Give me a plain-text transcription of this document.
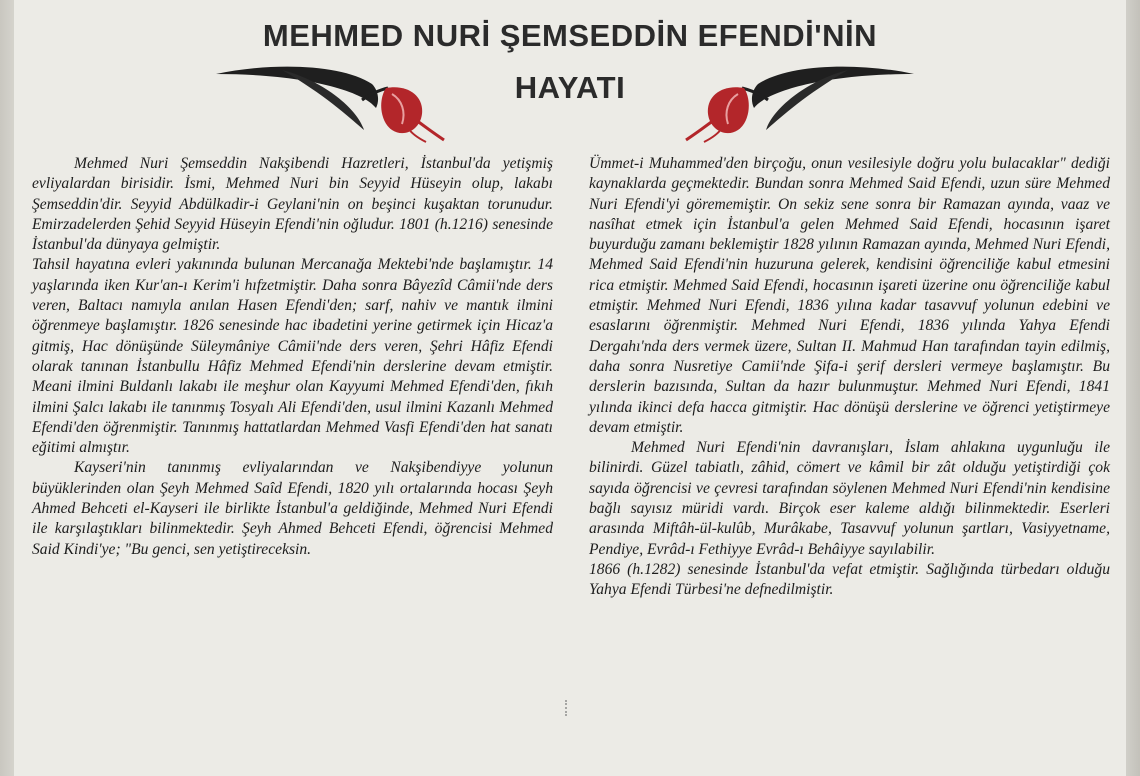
MEHMED NURİ ŞEMSEDDİN EFENDİ'NİN
HAYATI

Mehmed Nuri Şemseddin Nakşibendi Hazretleri, İstanbul'da yetişmiş evliyalardan birisidir. İsmi, Mehmed Nuri bin Seyyid Hüseyin olup, lakabı Şemseddin'dir. Seyyid Abdülkadir-i Geylani'nin on beşinci kuşaktan torunudur. Emirzadelerden Şehid Seyyid Hüseyin Efendi'nin oğludur. 1801 (h.1216) senesinde İstanbul'da dünyaya gelmiştir.

Tahsil hayatına evleri yakınında bulunan Mercanağa Mektebi'nde başlamıştır. 14 yaşlarında iken Kur'an-ı Kerim'i hıfzetmiştir. Daha sonra Bâyezîd Câmii'nde ders veren, Baltacı namıyla anılan Hasen Efendi'den; sarf, nahiv ve mantık ilmini öğrenmeye başlamıştır. 1826 senesinde hac ibadetini yerine getirmek için Hicaz'a gitmiş, Hac dönüşünde Süleymâniye Câmii'nde ders veren, Şehri Hâfiz Efendi olarak tanınan İstanbullu Hâfiz Mehmed Efendi'nin derslerine devam etmiştir. Meani ilmini Buldanlı lakabı ile meşhur olan Kayyumi Mehmed Efendi'den, fıkıh ilmini Şalcı lakabı ile tanınmış Tosyalı Ali Efendi'den, usul ilmini Kazanlı Mehmed Efendi'den öğrenmiştir. Tanınmış hattatlardan Mehmed Vasfi Efendi'den hat sanatı eğitimi almıştır.

Kayseri'nin tanınmış evliyalarından ve Nakşibendiyye yolunun büyüklerinden olan Şeyh Mehmed Saîd Efendi, 1820 yılı ortalarında hocası Şeyh Ahmed Behceti el-Kayseri ile birlikte İstanbul'a geldiğinde, Mehmed Nuri Efendi ile karşılaştıkları bilinmektedir. Şeyh Ahmed Behceti Efendi, öğrencisi Mehmed Said Kindi'ye; "Bu genci, sen yetiştireceksin.

Ümmet-i Muhammed'den birçoğu, onun vesilesiyle doğru yolu bulacaklar" dediği kaynaklarda geçmektedir. Bundan sonra Mehmed Said Efendi, uzun süre Mehmed Nuri Efendi'yi görememiştir. On sekiz sene sonra bir Ramazan ayında, vaaz ve nasîhat etmek için İstanbul'a gelen Mehmed Said Efendi, hocasının işaret buyurduğu zamanı beklemiştir 1828 yılının Ramazan ayında, Mehmed Nuri Efendi, Mehmed Said Efendi'nin huzuruna gelerek, kendisini öğrenciliğe kabul etmesini rica etmiştir. Mehmed Said Efendi, hocasının işareti üzerine onu öğrenciliğe kabul etmiştir. Mehmed Nuri Efendi, 1836 yılına kadar tasavvuf yolunun edebini ve esaslarını öğrenmiştir. Mehmed Nuri Efendi, 1836 yılında Yahya Efendi Dergahı'nda ders vermek üzere, Sultan II. Mahmud Han tarafından tayin edilmiş, daha sonra Nusretiye Camii'nde Şifa-i şerif dersleri vermeye başlamıştır. Bu derslerin bazısında, Sultan da hazır bulunmuştur. Mehmed Nuri Efendi, 1841 yılında ikinci defa hacca gitmiştir. Hac dönüşü derslerine ve öğrenci yetiştirmeye devam etmiştir.

Mehmed Nuri Efendi'nin davranışları, İslam ahlakına uygunluğu ile bilinirdi. Güzel tabiatlı, zâhid, cömert ve kâmil bir zât olduğu yetiştirdiği çok sayıda öğrencisi ve çevresi tarafından söylenen Mehmed Nuri Efendi'nin kendisine bağlı sayısız müridi vardı. Birçok eser kaleme aldığı bilinmektedir. Eserleri arasında Miftâh-ül-kulûb, Murâkabe, Tasavvuf yolunun şartları, Vasiyyetname, Pendiye, Evrâd-ı Fethiyye Evrâd-ı Behâiyye sayılabilir.

1866 (h.1282) senesinde İstanbul'da vefat etmiştir. Sağlığında türbedarı olduğu Yahya Efendi Türbesi'ne defnedilmiştir.
